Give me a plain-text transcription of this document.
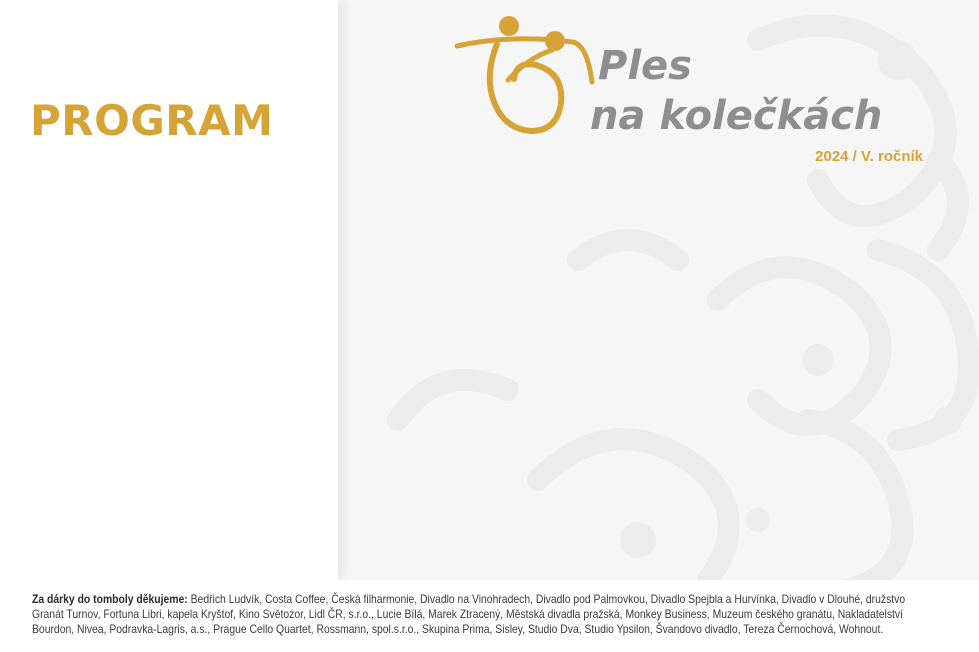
PROGRAM
Ples
na kolečkách
2024 / V. ročník
Za dárky do tomboly děkujeme: Bedřich Ludvík, Costa Coffee, Česká filharmonie, Divadlo na Vinohradech, Divadlo pod Palmovkou, Divadlo Spejbla a Hurvínka, Divadlo v Dlouhé, družstvo Granát Turnov, Fortuna Libri, kapela Kryštof, Kino Světozor, Lidl ČR, s.r.o., Lucie Bílá, Marek Ztracený, Městská divadla pražská, Monkey Business, Muzeum českého granátu, Nakladatelství Bourdon, Nivea, Podravka-Lagris, a.s., Prague Cello Quartet, Rossmann, spol.s.r.o., Skupina Prima, Sisley, Studio Dva, Studio Ypsilon, Švandovo divadlo, Tereza Černochová, Wohnout.
